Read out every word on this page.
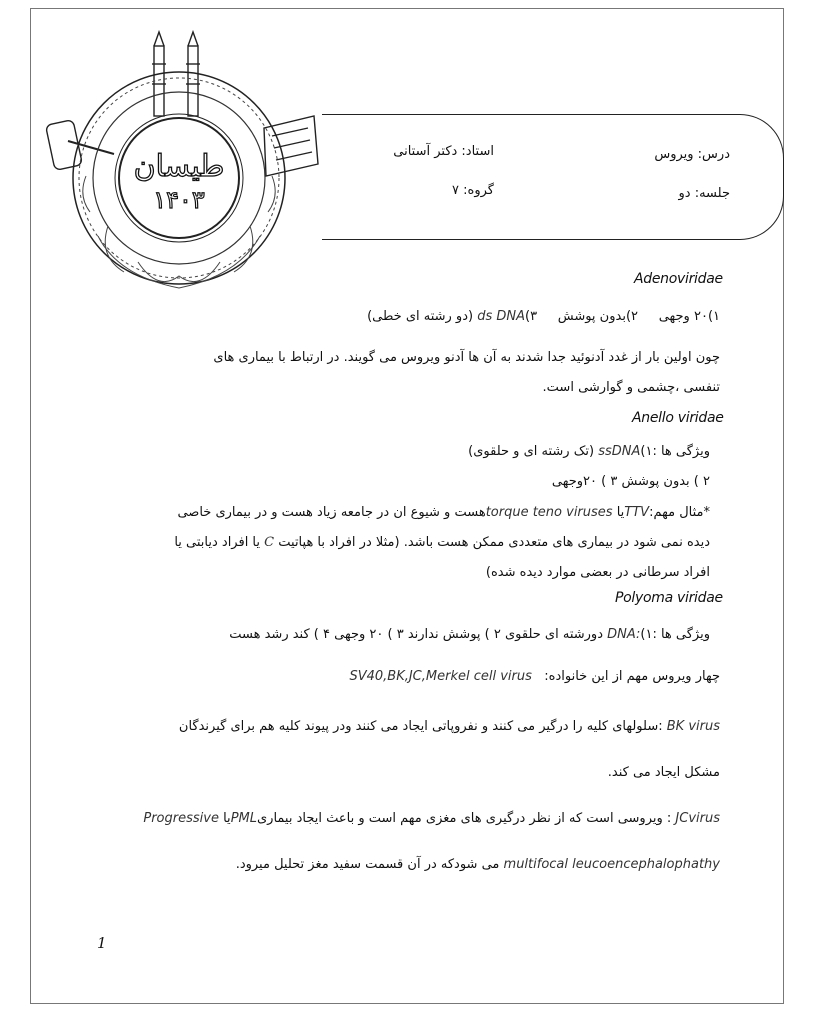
طیسان
۱۴۰۳
درس: ویروس
استاد: دکتر آستانی
جلسه: دو
گروه: ۷
Adenoviridae
۱)۲۰ وجهی     ۲)بدون پوشش     ۳)ds DNA (دو رشته ای خطی)
چون اولین بار از غدد آدنوئید جدا شدند به آن ها آدنو ویروس می گویند. در ارتباط با بیماری های
تنفسی ،چشمی و گوارشی است.
Anello viridae
ویژگی ها :۱)ssDNA (تک رشته ای و حلقوی)
۲ ) بدون پوشش ۳ ) ۲۰وجهی
*مثال مهم:TTVیا torque teno virusesهست و شیوع ان در جامعه زیاد هست و در بیماری خاصی
دیده نمی شود در بیماری های متعددی ممکن هست باشد. (مثلا در افراد با هپاتیت C یا افراد دیابتی یا
افراد سرطانی در بعضی موارد دیده شده)
Polyoma viridae
ویژگی ها :۱)DNA: دورشته ای حلقوی ۲ ) پوشش ندارند ۳ ) ۲۰ وجهی ۴ ) کند رشد هست
چهار ویروس مهم از این خانواده:   SV40,BK,JC,Merkel cell virus
BK virus :سلولهای کلیه را درگیر می کنند و نفروپاتی ایجاد می کنند ودر پیوند کلیه هم برای گیرندگان
مشکل ایجاد می کند.
JCvirus : ویروسی است که از نظر درگیری های مغزی مهم است و باعث ایجاد بیماریPMLیا Progressive
multifocal leucoencephalophathy می شودکه در آن قسمت سفید مغز تحلیل میرود.
1
